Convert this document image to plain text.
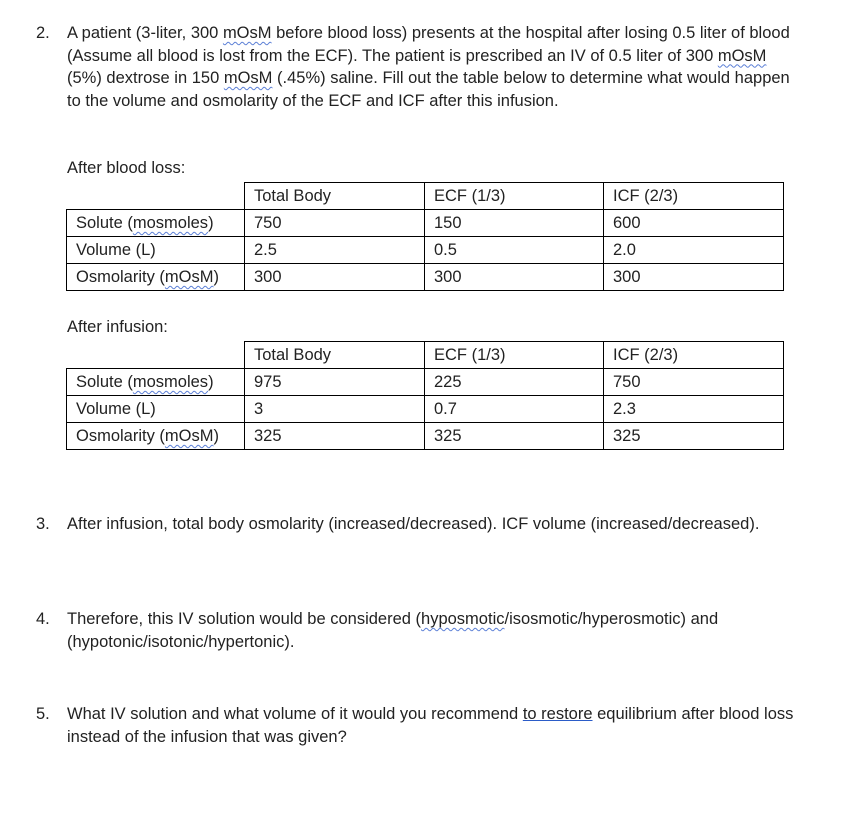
2. A patient (3-liter, 300 mOsM before blood loss) presents at the hospital after losing 0.5 liter of blood (Assume all blood is lost from the ECF). The patient is prescribed an IV of 0.5 liter of 300 mOsM (5%) dextrose in 150 mOsM (.45%) saline. Fill out the table below to determine what would happen to the volume and osmolarity of the ECF and ICF after this infusion.
After blood loss:
	Total Body	ECF (1/3)	ICF (2/3)
Solute (mosmoles)	750	150	600
Volume (L)	2.5	0.5	2.0
Osmolarity (mOsM)	300	300	300
After infusion:
	Total Body	ECF (1/3)	ICF (2/3)
Solute (mosmoles)	975	225	750
Volume (L)	3	0.7	2.3
Osmolarity (mOsM)	325	325	325
3. After infusion, total body osmolarity (increased/decreased). ICF volume (increased/decreased).
4. Therefore, this IV solution would be considered (hyposmotic/isosmotic/hyperosmotic) and (hypotonic/isotonic/hypertonic).
5. What IV solution and what volume of it would you recommend to restore equilibrium after blood loss instead of the infusion that was given?
